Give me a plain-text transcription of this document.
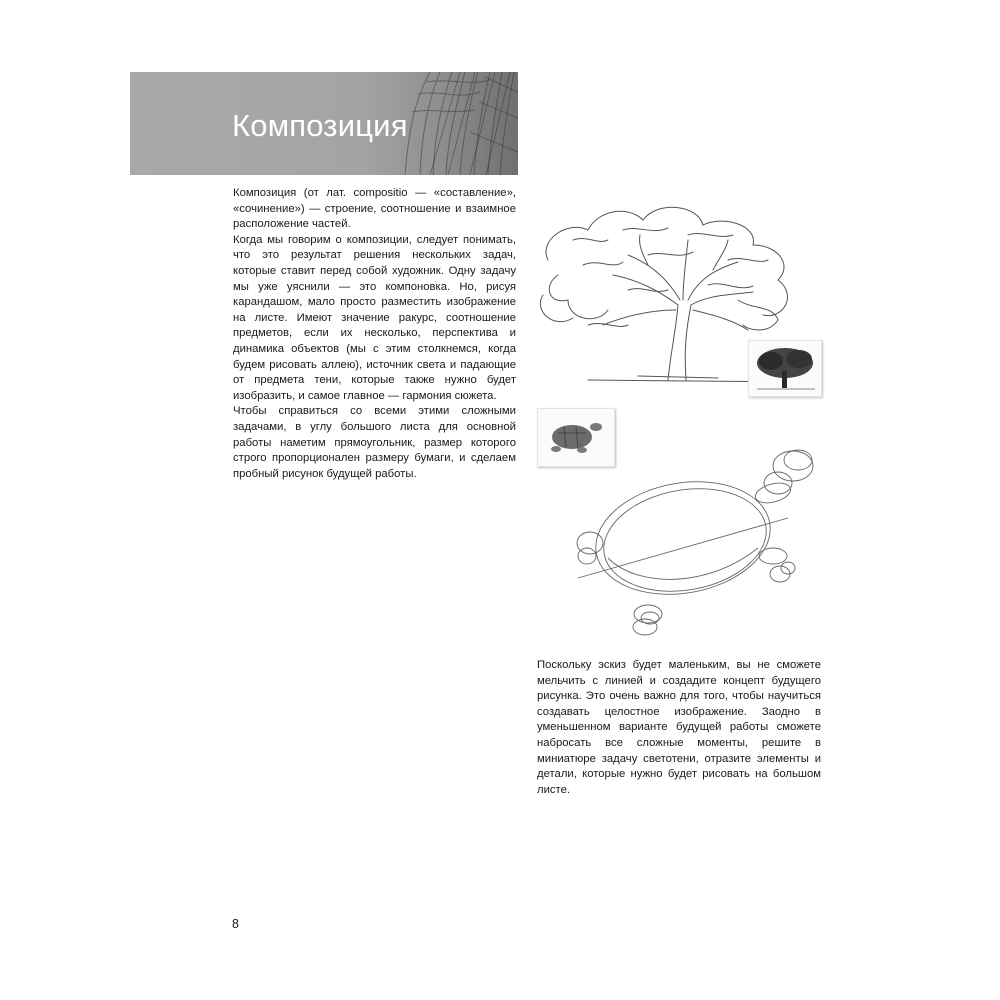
Композиция

Композиция (от лат. compositio — «составление», «сочинение») — строение, соотношение и взаимное расположение частей.

Когда мы говорим о композиции, следует понимать, что это результат решения нескольких задач, которые ставит перед собой художник. Одну задачу мы уже уяснили — это компоновка. Но, рисуя карандашом, мало просто разместить изображение на листе. Имеют значение ракурс, соотношение предметов, если их несколько, перспектива и динамика объектов (мы с этим столкнемся, когда будем рисовать аллею), источник света и падающие от предмета тени, которые также нужно будет изобразить, и самое главное — гармония сюжета.

Чтобы справиться со всеми этими сложными задачами, в углу большого листа для основной работы наметим прямоугольник, размер которого строго пропорционален размеру бумаги, и сделаем пробный рисунок будущей работы.

Поскольку эскиз будет маленьким, вы не сможете мельчить с линией и создадите концепт будущего рисунка. Это очень важно для того, чтобы научиться создавать целостное изображение. Заодно в уменьшенном варианте будущей работы сможете набросать все сложные моменты, решите в миниатюре задачу светотени, отразите элементы и детали, которые нужно будет рисовать на большом листе.

8
